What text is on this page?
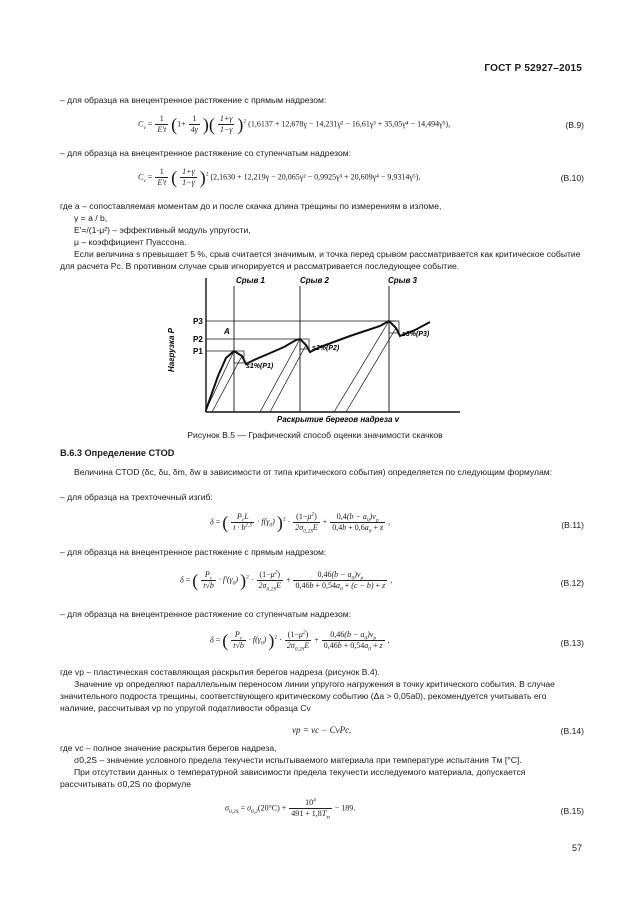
ГОСТ Р 52927–2015
– для образца на внецентренное растяжение с прямым надрезом:
$C_v = \frac{1}{E't} (1+ \frac{1}{4\gamma}$ )( $\frac{1+\gamma}{1-\gamma} )^2$ (1,6137 + 12,678γ − 14,231γ² − 16,61γ³ + 35,05γ⁴ − 14,494γ⁵),	(B.9)
– для образца на внецентренное растяжение со ступенчатым надрезом:
$C_v = \frac{1}{E't}$ ( $\frac{1+\gamma}{1-\gamma} )^2$ (2,1630 + 12,219γ − 20,065γ² − 0,9925γ³ + 20,609γ⁴ − 9,9314γ⁵),	(B.10)
где a – сопоставляемая моментам до и после скачка длина трещины по измерениям в изломе,
γ = a / b,
E′=/(1-μ²) – эффективный модуль упругости,
μ – коэффициент Пуассона.
Если величина s превышает 5 %, срыв считается значимым, и точка перед срывом рассматривается как критическое событие для расчета Pc. В противном случае срыв игнорируется и рассматривается последующее событие.
Нагрузка P
Раскрытие берегов надреза v
Срыв 1	Срыв 2	Срыв 3
P3
P2
P1
A
s1%(P1)
s2%(P2)
s3%(P3)
Рисунок В.5 — Графический способ оценки значимости скачков
В.6.3 Определение CTOD
Величина CTOD (δc, δu, δm, δw в зависимости от типа критического события) определяется по следующим формулам:
– для образца на трехточечный изгиб:
δ = ( $\frac{P_cL}{t \cdot b^{1,5}} \cdot f(\gamma_0) )^2 \cdot \frac{(1-\mu^2)}{2\sigma_{0,2S}E} + \frac{0,4(b - a_0)v_p}{0,4b + 0,6a_0 + z}$ ,	(B.11)
– для образца на внецентренное растяжение с прямым надрезом:
δ = ( $\frac{P_c}{t√b} \cdot f'(\gamma_0) )^2 \cdot \frac{(1-\mu^2)}{2\sigma_{0,2S}E} + \frac{0,46(b - a_0)v_p}{0,46b + 0,54a_0 + (c - b) + z}$ ,	(B.12)
– для образца на внецентренное растяжение со ступенчатым надрезом:
δ = ( $\frac{P_c}{t√b} \cdot f(\gamma_0) )^2 \cdot \frac{(1-\mu^2)}{2\sigma_{0,2S}E} + \frac{0,46(b - a_0)v_p}{0,46b + 0,54a_0 + z}$ ,	(B.13)
где vp – пластическая составляющая раскрытия берегов надреза (рисунок В.4).
Значение vp определяют параллельным переносом линии упругого нагружения в точку критического события. В случае значительного подроста трещины, соответствующего критическому событию (Δa > 0,05a0), рекомендуется учитывать его наличие, рассчитывая vp по упругой податливости образца Cv
vp = vc − CvPc.	(B.14)
где vc – полное значение раскрытия берегов надреза,
σ0,2S – значение условного предела текучести испытываемого материала при температуре испытания Tм [°С].
При отсутствии данных о температурной зависимости предела текучести исследуемого материала, допускается рассчитывать σ0,2S по формуле
$\sigma_{0,2S} = \sigma_{0,2}(20^\circ C) + \frac{10^4}{491 + 1,8T_м} - 189$.	(B.15)
57
